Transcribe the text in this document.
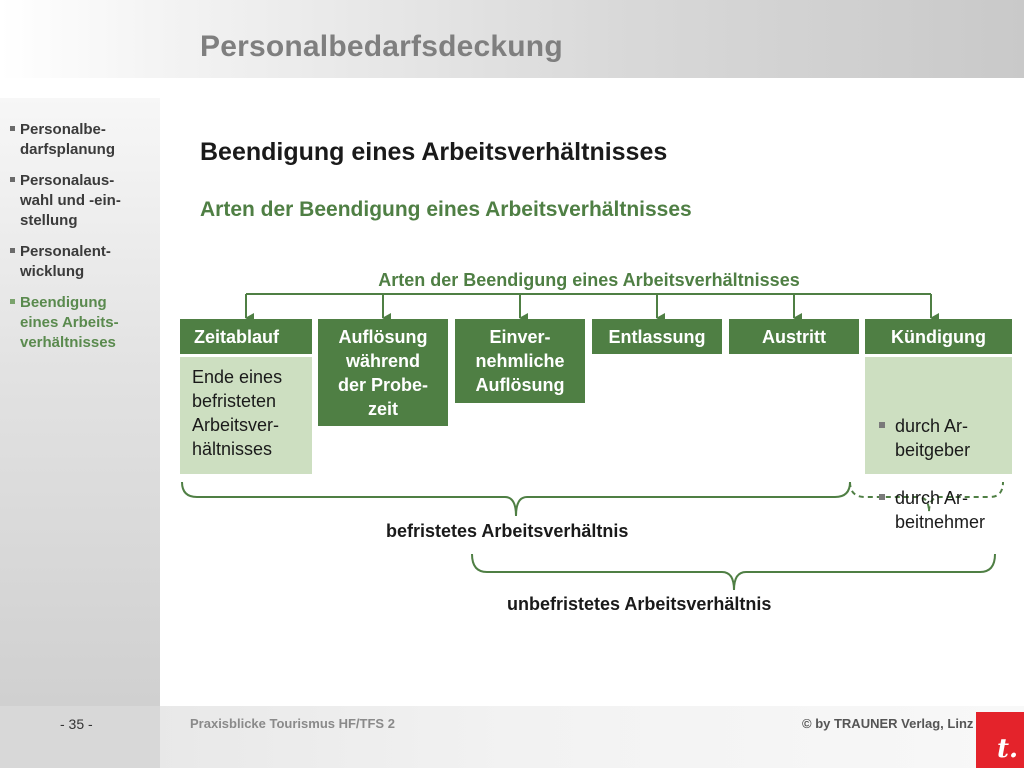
Personalbedarfsdeckung
Personalbe-
darfsplanung
Personalaus-
wahl und -ein-
stellung
Personalent-
wicklung
Beendigung
eines Arbeits-
verhältnisses
Beendigung eines Arbeitsverhältnisses
Arten der Beendigung eines Arbeitsverhältnisses
Arten der Beendigung eines Arbeitsverhältnisses
Zeitablauf	Auflösung
während
der Probe-
zeit
Einver-
nehmliche
Auflösung
Entlassung	Austritt	Kündigung
Ende eines
befristeten
Arbeitsver-
hältnisses

durch Ar-
beitgeber

durch Ar-
beitnehmer

befristetes Arbeitsverhältnis
unbefristetes Arbeitsverhältnis
- 35 -	Praxisblicke Tourismus HF/TFS 2	© by TRAUNER Verlag, Linz
t.
